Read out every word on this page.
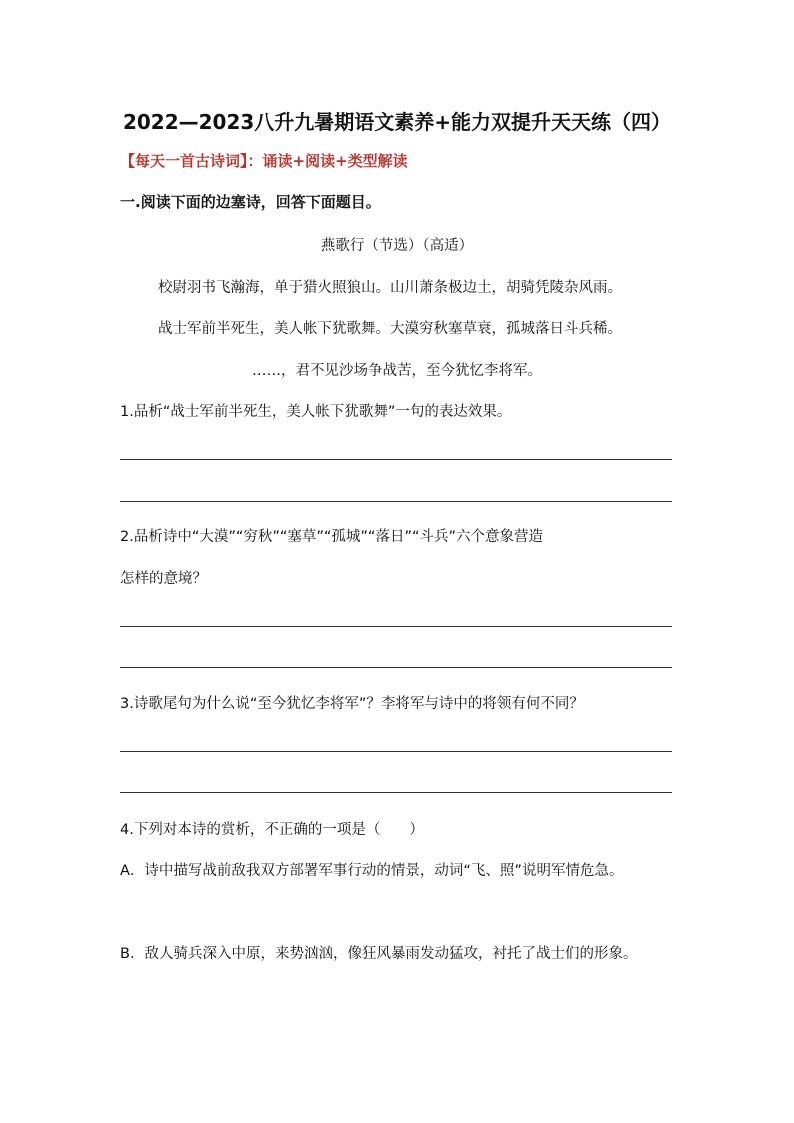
2022—2023八升九暑期语文素养+能力双提升天天练（四）
【每天一首古诗词】：诵读+阅读+类型解读
一.阅读下面的边塞诗，回答下面题目。
燕歌行（节选）（高适）
校尉羽书飞瀚海，单于猎火照狼山。山川萧条极边土，胡骑凭陵杂风雨。
战士军前半死生，美人帐下犹歌舞。大漠穷秋塞草衰，孤城落日斗兵稀。
……，君不见沙场争战苦，至今犹忆李将军。
1.品析“战士军前半死生，美人帐下犹歌舞”一句的表达效果。
2.品析诗中“大漠”“穷秋”“塞草”“孤城”“落日”“斗兵”六个意象营造
怎样的意境？
3.诗歌尾句为什么说“至今犹忆李将军”？李将军与诗中的将领有何不同？
4.下列对本诗的赏析，不正确的一项是（　　）
A．诗中描写战前敌我双方部署军事行动的情景，动词“飞、照”说明军情危急。
B．敌人骑兵深入中原，来势汹汹，像狂风暴雨发动猛攻，衬托了战士们的形象。
